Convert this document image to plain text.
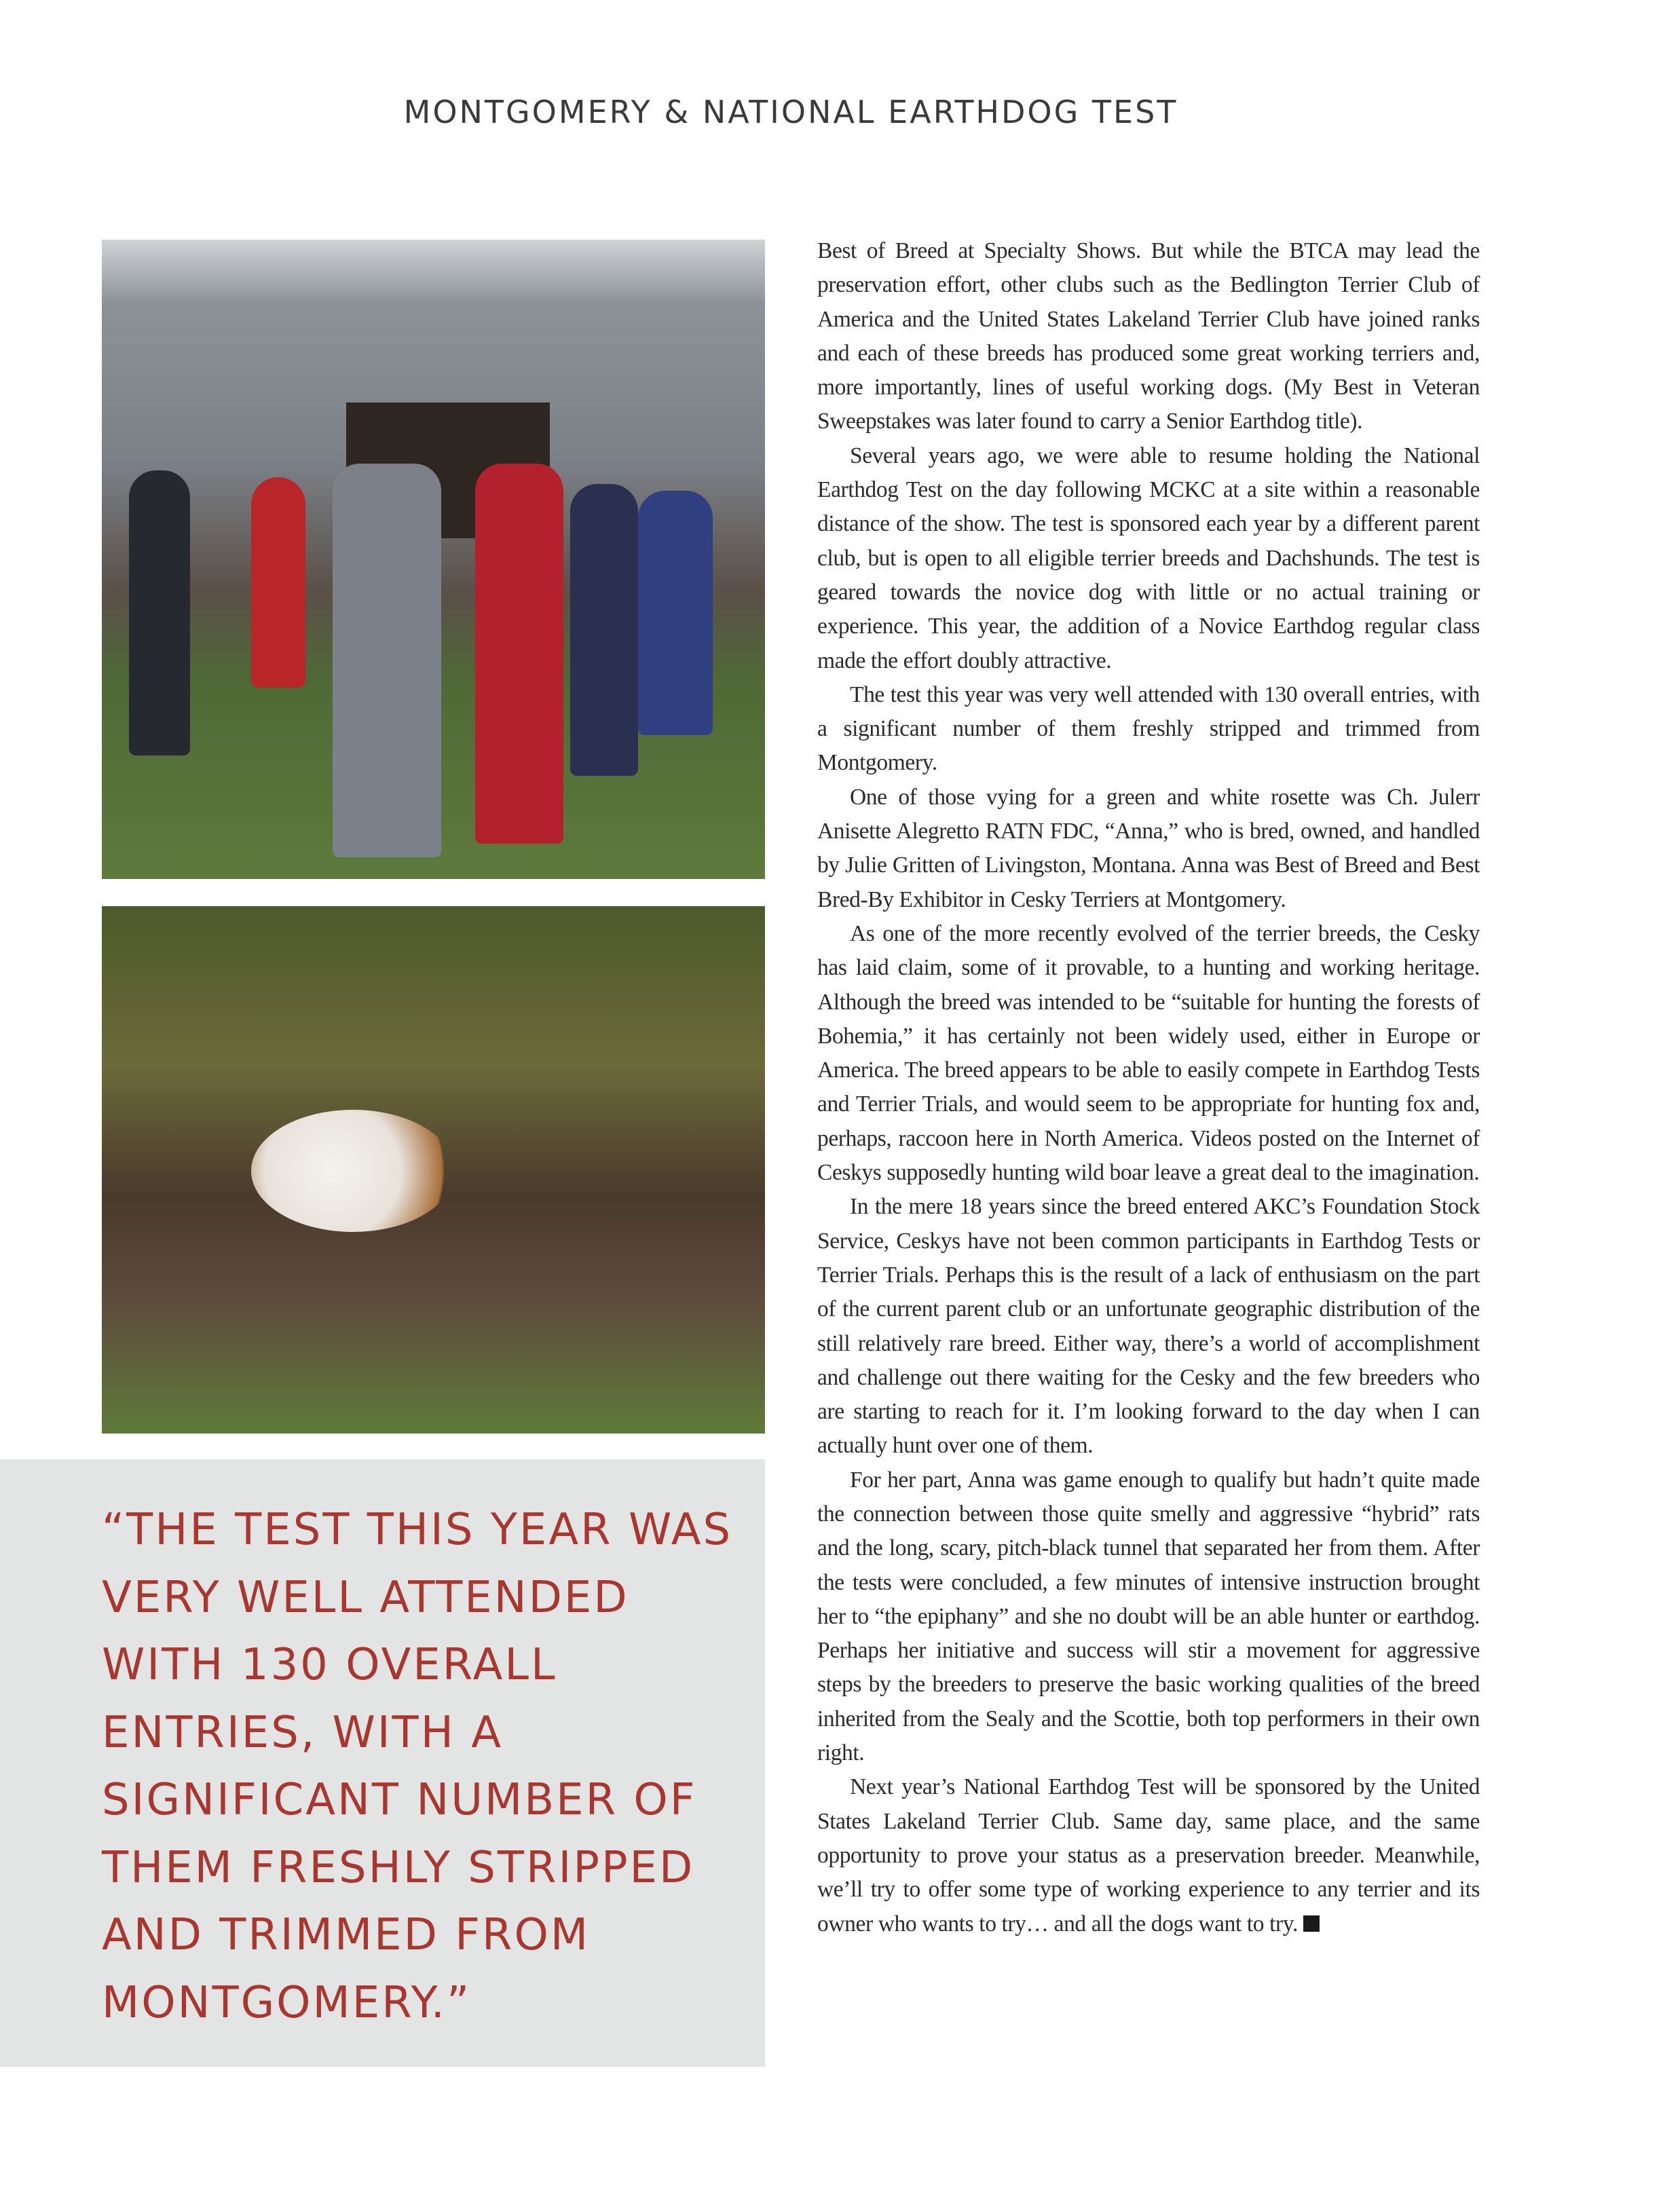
MONTGOMERY & NATIONAL EARTHDOG TEST
“THE TEST THIS YEAR WAS VERY WELL ATTENDED WITH 130 OVERALL ENTRIES, WITH A SIGNIFICANT NUMBER OF THEM FRESHLY STRIPPED AND TRIMMED FROM MONTGOMERY.”

Best of Breed at Specialty Shows. But while the BTCA may lead the preservation effort, other clubs such as the Bedlington Terrier Club of America and the United States Lakeland Terrier Club have joined ranks and each of these breeds has produced some great working terriers and, more importantly, lines of useful working dogs. (My Best in Veteran Sweepstakes was later found to carry a Senior Earthdog title).

Several years ago, we were able to resume holding the National Earthdog Test on the day following MCKC at a site within a reasonable distance of the show. The test is sponsored each year by a different parent club, but is open to all eligible terrier breeds and Dachshunds. The test is geared towards the novice dog with little or no actual training or experience. This year, the addition of a Novice Earthdog regular class made the effort doubly attractive.

The test this year was very well attended with 130 overall entries, with a significant number of them freshly stripped and trimmed from Montgomery.

One of those vying for a green and white rosette was Ch. Julerr Anisette Alegretto RATN FDC, “Anna,” who is bred, owned, and handled by Julie Gritten of Livingston, Montana. Anna was Best of Breed and Best Bred-By Exhibitor in Cesky Terriers at Montgomery.

As one of the more recently evolved of the terrier breeds, the Cesky has laid claim, some of it provable, to a hunting and working heritage. Although the breed was intended to be “suitable for hunting the forests of Bohemia,” it has certainly not been widely used, either in Europe or America. The breed appears to be able to easily compete in Earthdog Tests and Terrier Trials, and would seem to be appropriate for hunting fox and, perhaps, raccoon here in North America. Videos posted on the Internet of Ceskys supposedly hunting wild boar leave a great deal to the imagination.

In the mere 18 years since the breed entered AKC’s Foundation Stock Service, Ceskys have not been common participants in Earthdog Tests or Terrier Trials. Perhaps this is the result of a lack of enthusiasm on the part of the current parent club or an unfortunate geographic distribution of the still relatively rare breed. Either way, there’s a world of accomplishment and challenge out there waiting for the Cesky and the few breeders who are starting to reach for it. I’m looking forward to the day when I can actually hunt over one of them.

For her part, Anna was game enough to qualify but hadn’t quite made the connection between those quite smelly and aggressive “hybrid” rats and the long, scary, pitch-black tunnel that separated her from them. After the tests were concluded, a few minutes of intensive instruction brought her to “the epiphany” and she no doubt will be an able hunter or earthdog. Perhaps her initiative and success will stir a movement for aggressive steps by the breeders to preserve the basic working qualities of the breed inherited from the Sealy and the Scottie, both top performers in their own right.

Next year’s National Earthdog Test will be sponsored by the United States Lakeland Terrier Club. Same day, same place, and the same opportunity to prove your status as a preservation breeder. Meanwhile, we’ll try to offer some type of working experience to any terrier and its owner who wants to try… and all the dogs want to try.
